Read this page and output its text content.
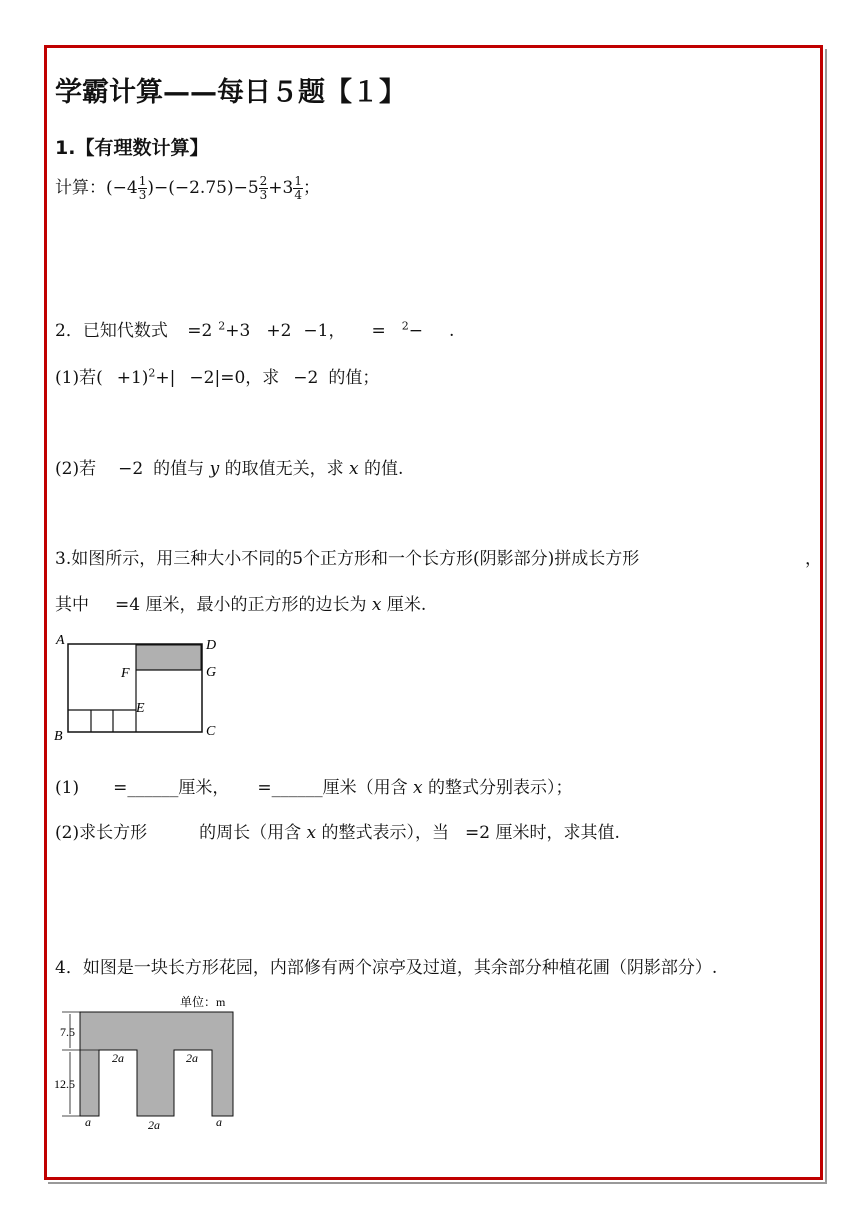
学霸计算——每日５题【１】
1.【有理数计算】
计算：$(-4 \frac{1}{3} )-(-2.75)-5 \frac{2}{3} +3 \frac{1}{4}$ ；
2．已知代数式 =2 $^2$+3 +2 −1， = $^2$− .
(1)若( +1)$^2$+| −2|=0，求 −2 的值；
(2)若 −2 的值与 y 的取值无关，求 x 的值.
3.如图所示，用三种大小不同的5个正方形和一个长方形(阴影部分)拼成长方形	，
其中 =4 厘米，最小的正方形的边长为 x 厘米.
A
B	C
D
E
F	G
(1) =______厘米， =______厘米（用含 x 的整式分别表示）；
(2)求长方形	的周长（用含 x 的整式表示），当 =2 厘米时，求其值.
4．如图是一块长方形花园，内部修有两个凉亭及过道，其余部分种植花圃（阴影部分）.
单位：m
7.5
12.5
2a	2a
a	2a	a
